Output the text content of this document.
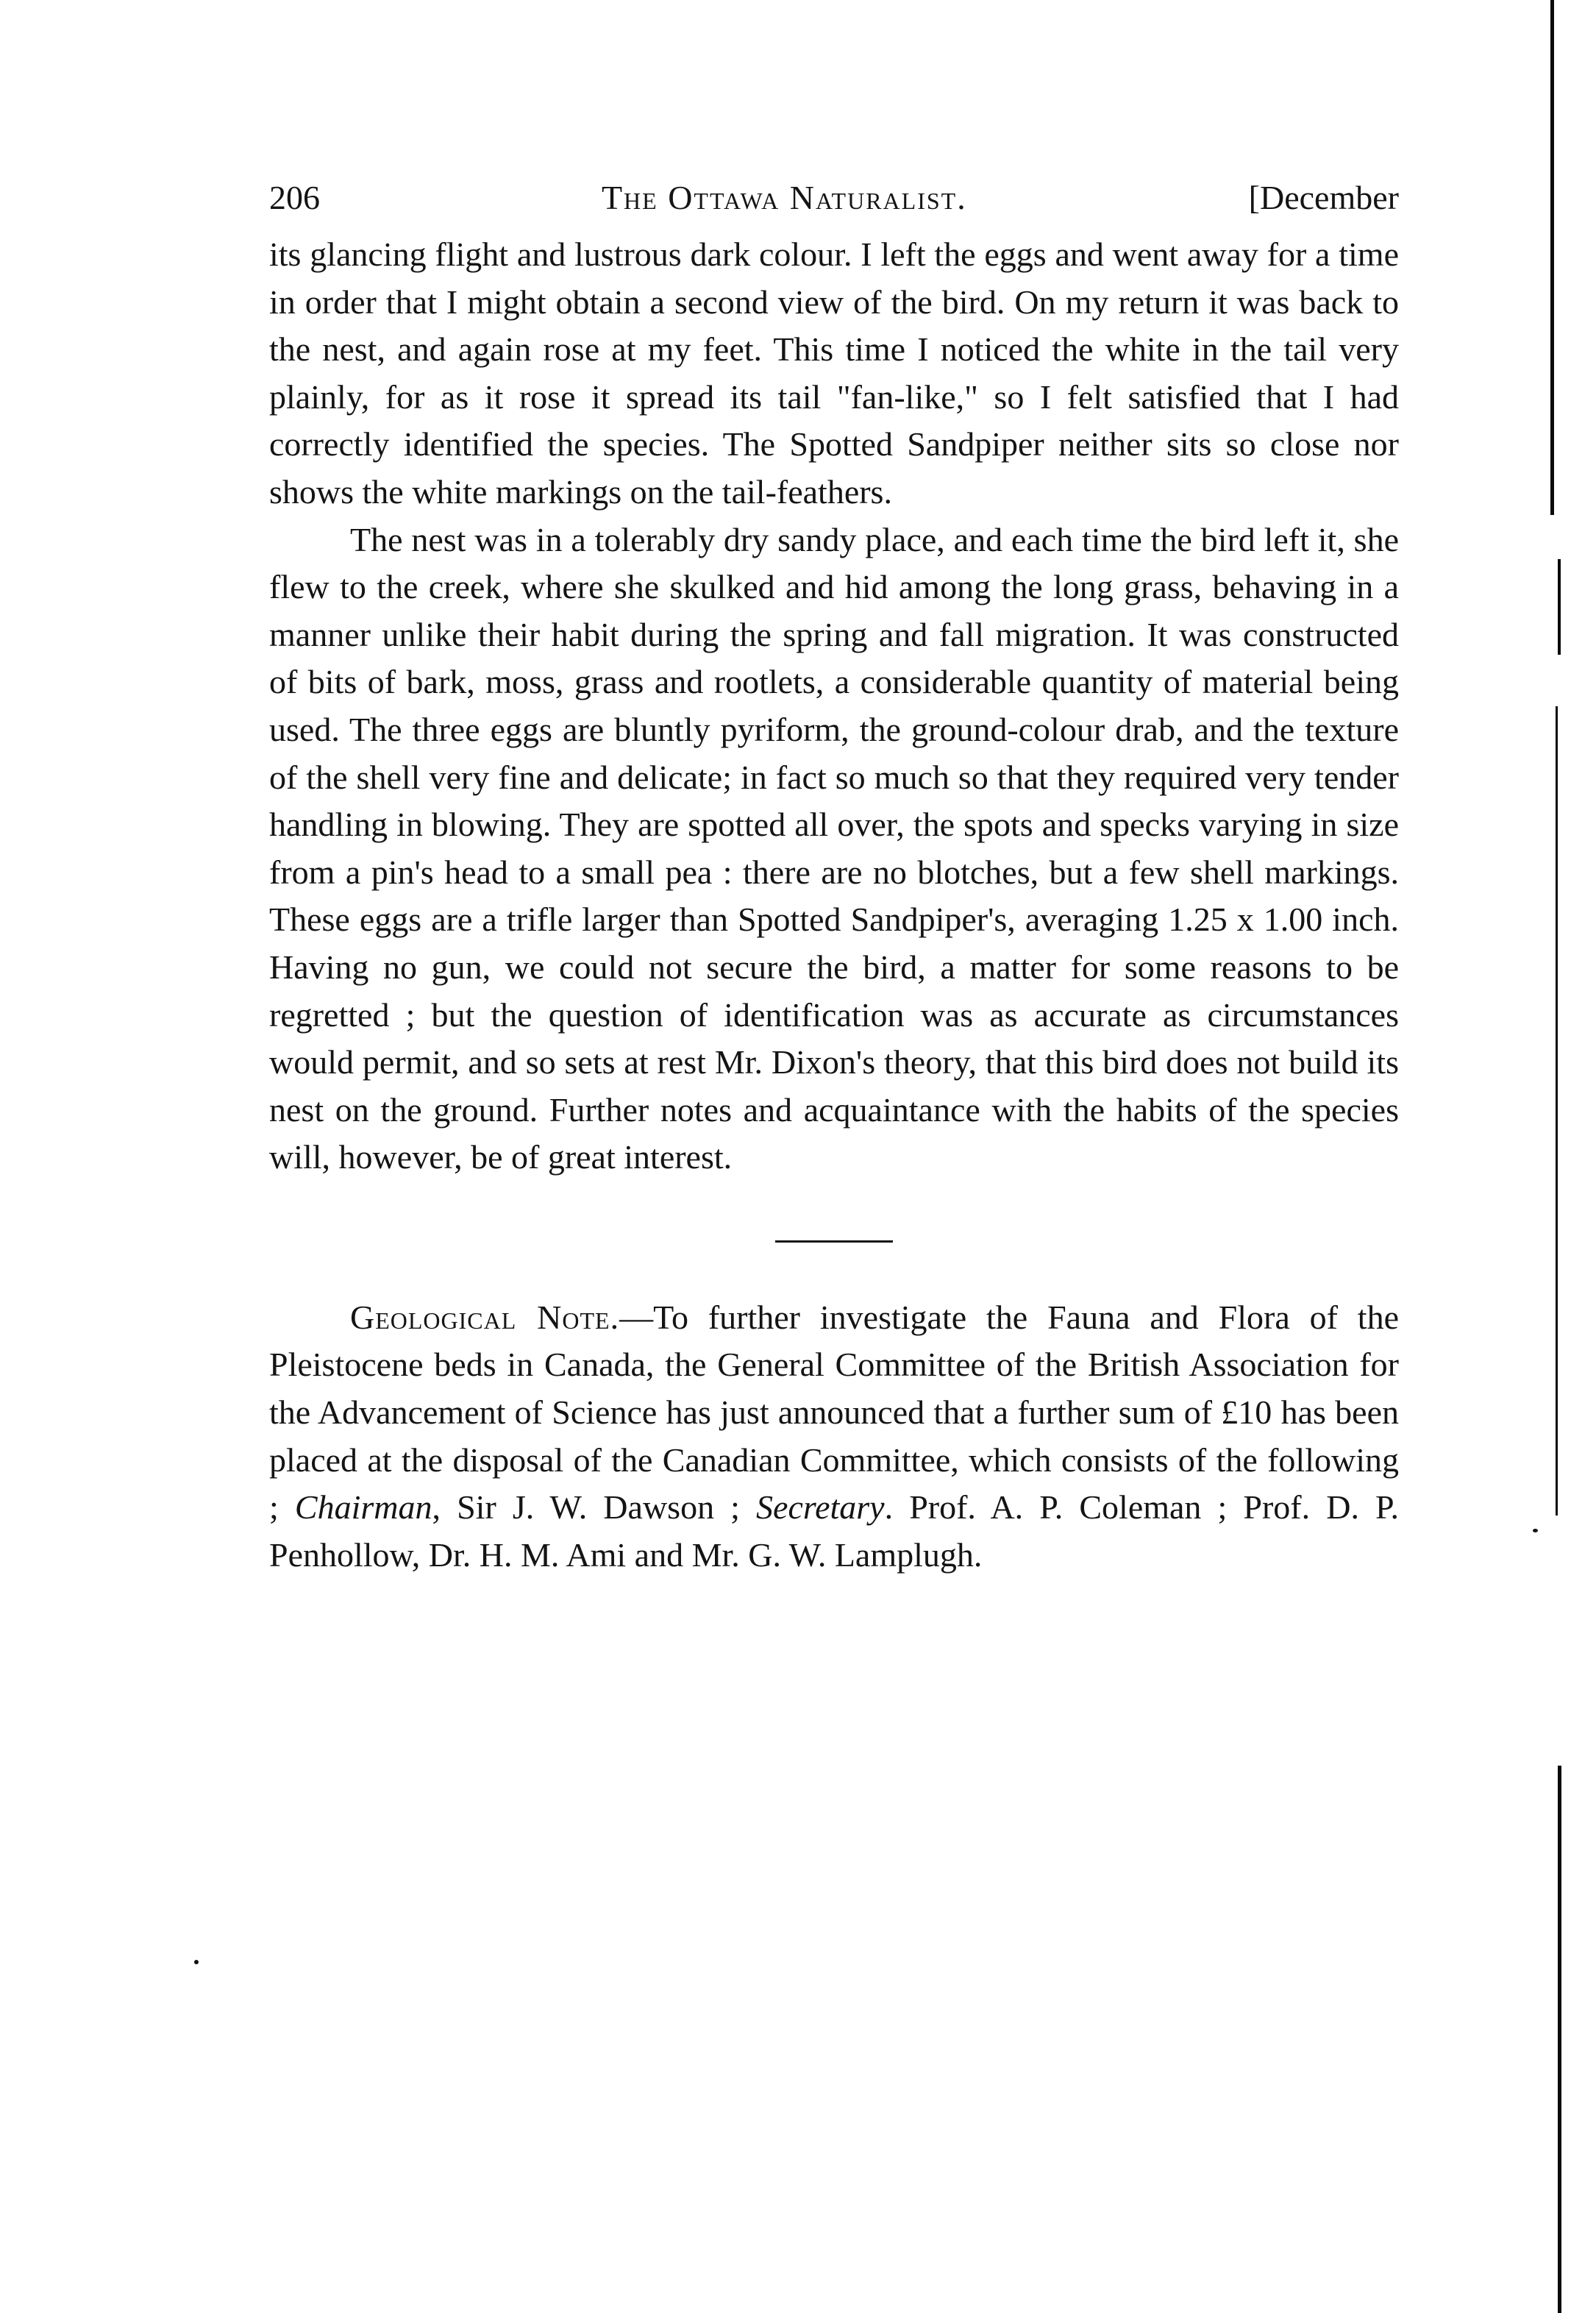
206	The Ottawa Naturalist.	[December

its glancing flight and lustrous dark colour. I left the eggs and went away for a time in order that I might obtain a second view of the bird. On my return it was back to the nest, and again rose at my feet. This time I noticed the white in the tail very plainly, for as it rose it spread its tail "fan-like," so I felt satisfied that I had correctly identified the species. The Spotted Sandpiper neither sits so close nor shows the white markings on the tail-feathers.

The nest was in a tolerably dry sandy place, and each time the bird left it, she flew to the creek, where she skulked and hid among the long grass, behaving in a manner unlike their habit during the spring and fall migration. It was constructed of bits of bark, moss, grass and rootlets, a considerable quantity of material being used. The three eggs are bluntly pyriform, the ground-colour drab, and the texture of the shell very fine and delicate; in fact so much so that they required very tender handling in blowing. They are spotted all over, the spots and specks varying in size from a pin's head to a small pea : there are no blotches, but a few shell markings. These eggs are a trifle larger than Spotted Sandpiper's, averaging 1.25 x 1.00 inch. Having no gun, we could not secure the bird, a matter for some reasons to be regretted ; but the question of identification was as accurate as circumstances would permit, and so sets at rest Mr. Dixon's theory, that this bird does not build its nest on the ground. Further notes and acquaintance with the habits of the species will, however, be of great interest.

Geological Note.—To further investigate the Fauna and Flora of the Pleistocene beds in Canada, the General Committee of the British Association for the Advancement of Science has just announced that a further sum of £10 has been placed at the disposal of the Canadian Committee, which consists of the following ; Chairman, Sir J. W. Dawson ; Secretary. Prof. A. P. Coleman ; Prof. D. P. Penhollow, Dr. H. M. Ami and Mr. G. W. Lamplugh.
